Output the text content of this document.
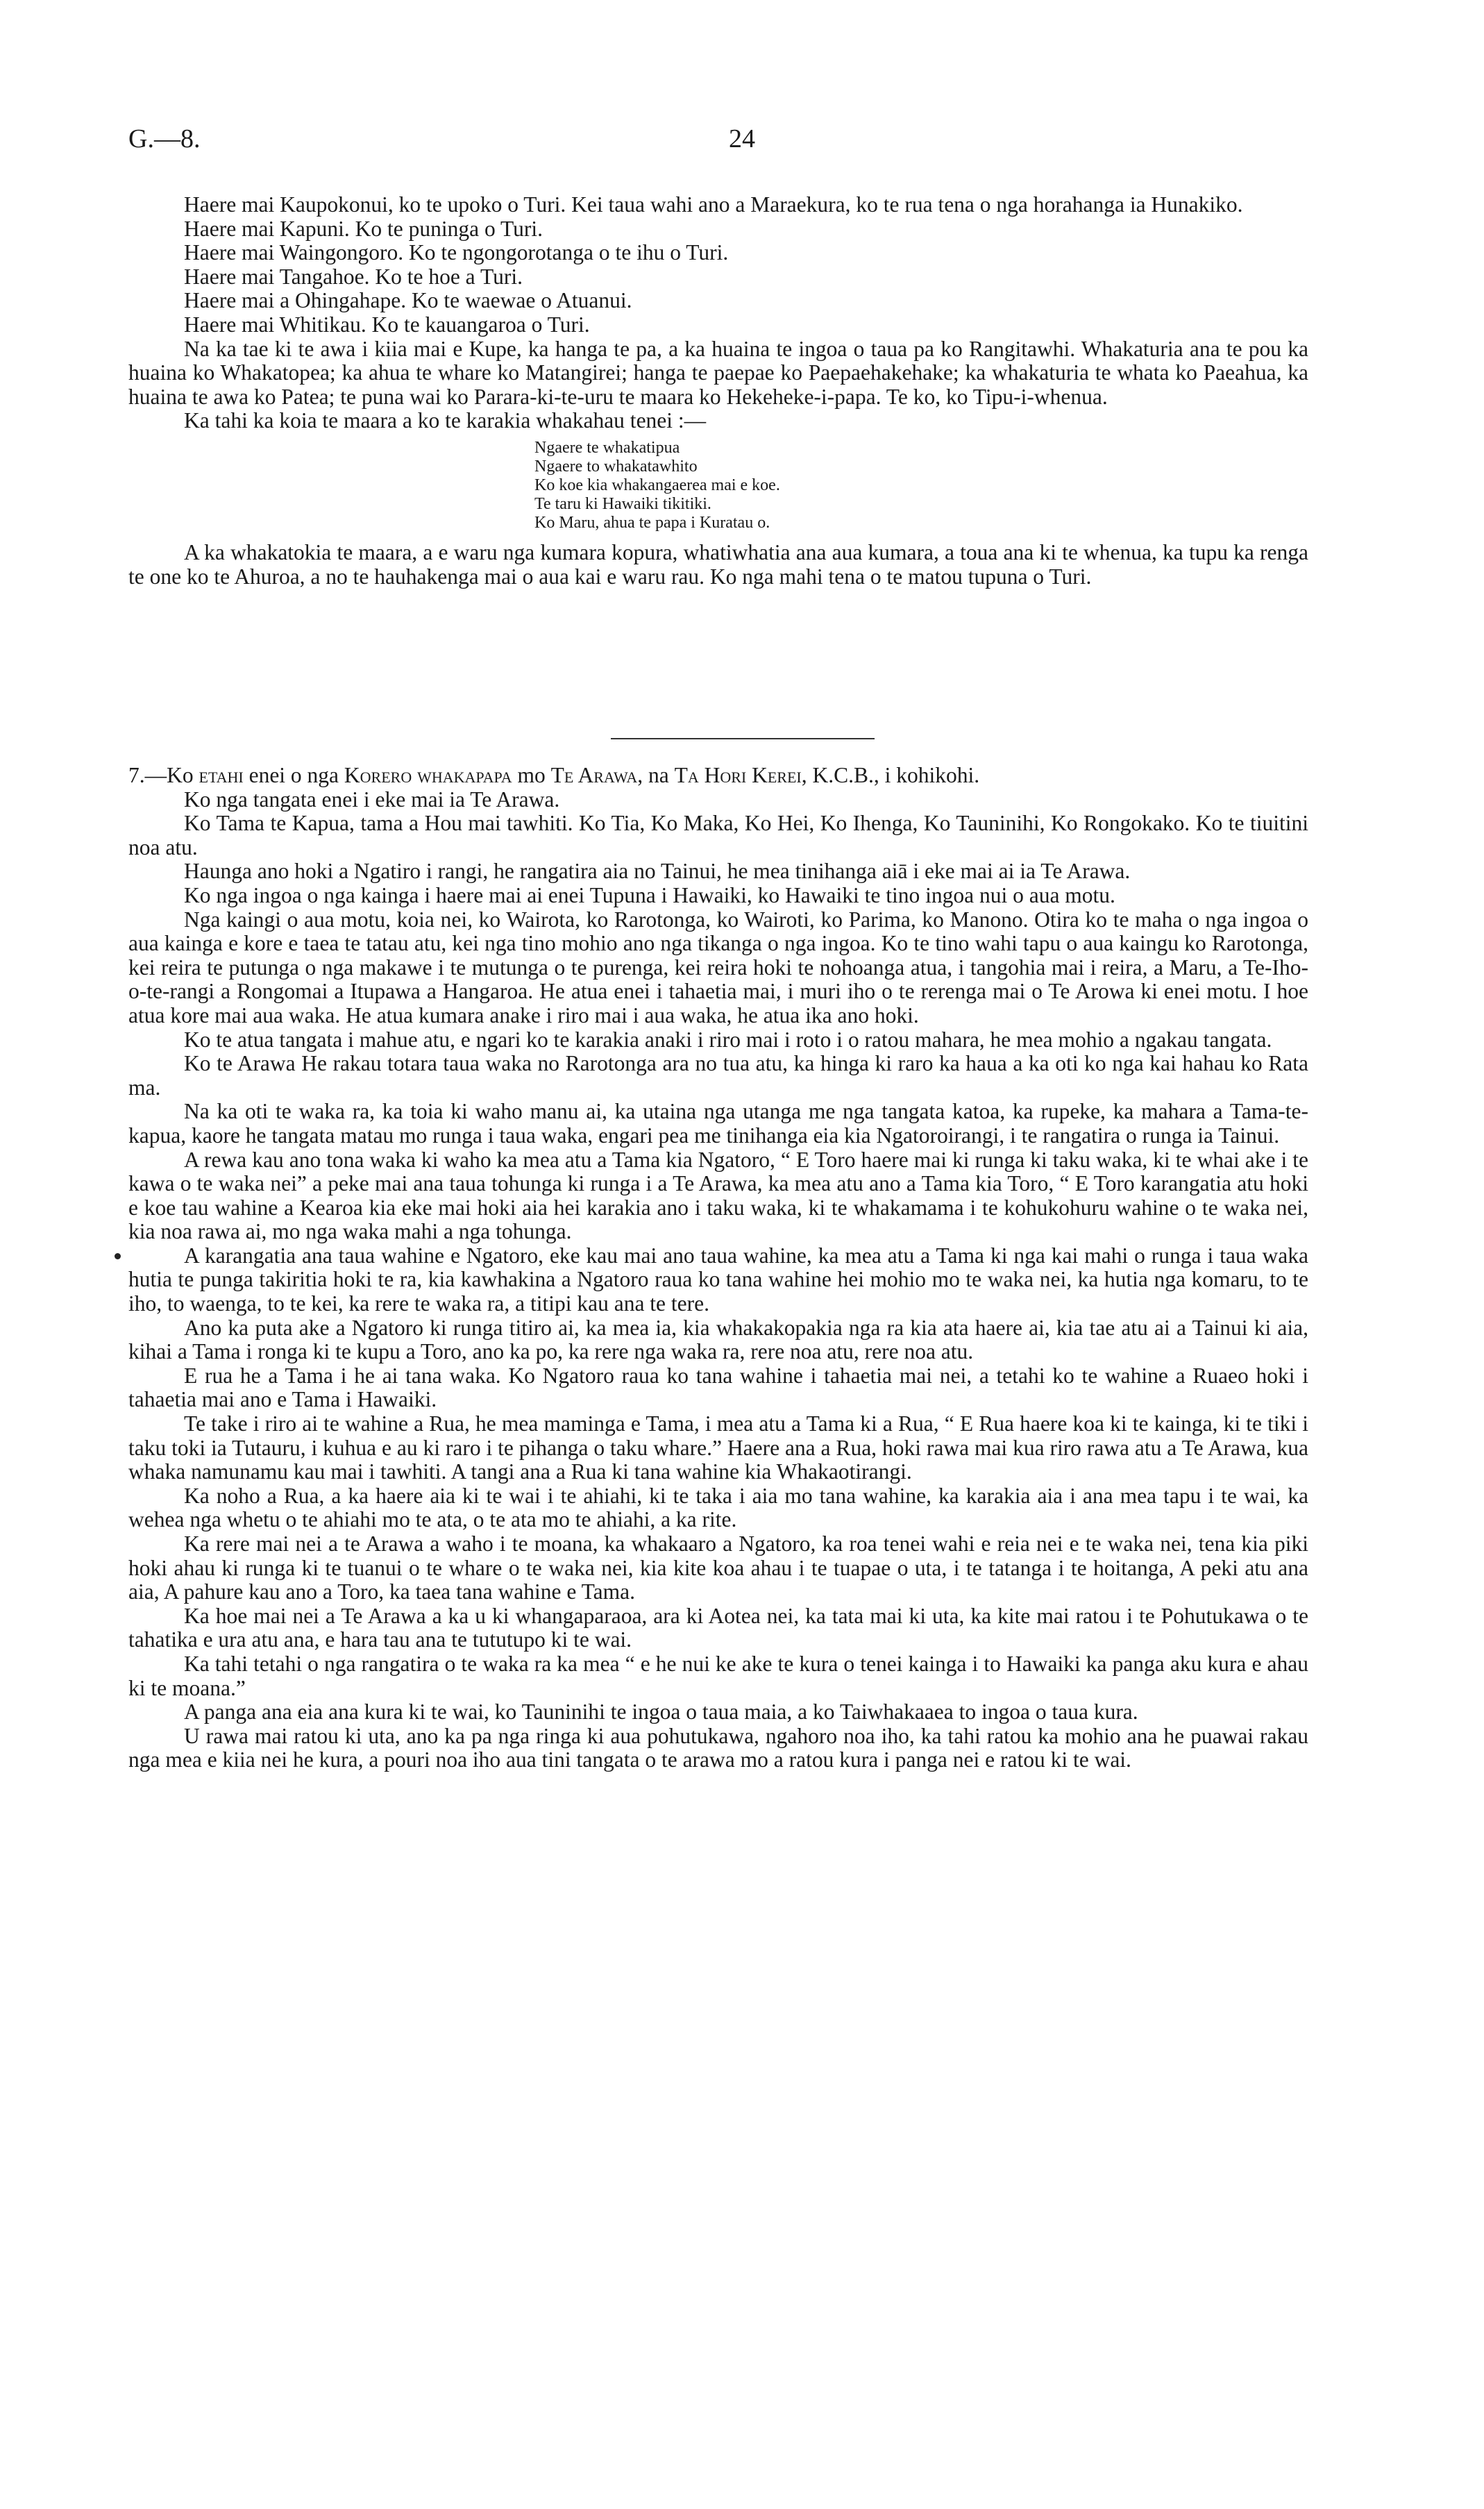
G.—8.	24

Haere mai Kaupokonui, ko te upoko o Turi. Kei taua wahi ano a Maraekura, ko te rua tena o nga horahanga ia Hunakiko.

Haere mai Kapuni. Ko te puninga o Turi.

Haere mai Waingongoro. Ko te ngongorotanga o te ihu o Turi.

Haere mai Tangahoe. Ko te hoe a Turi.

Haere mai a Ohingahape. Ko te waewae o Atuanui.

Haere mai Whitikau. Ko te kauangaroa o Turi.

Na ka tae ki te awa i kiia mai e Kupe, ka hanga te pa, a ka huaina te ingoa o taua pa ko Rangitawhi. Whakaturia ana te pou ka huaina ko Whakatopea; ka ahua te whare ko Matangirei; hanga te paepae ko Paepaehakehake; ka whakaturia te whata ko Paeahua, ka huaina te awa ko Patea; te puna wai ko Parara-ki-te-uru te maara ko Hekeheke-i-papa. Te ko, ko Tipu-i-whenua.

Ka tahi ka koia te maara a ko te karakia whakahau tenei :—

Ngaere te whakatipua
Ngaere to whakatawhito
Ko koe kia whakangaerea mai e koe.
Te taru ki Hawaiki tikitiki.
Ko Maru, ahua te papa i Kuratau o.

A ka whakatokia te maara, a e waru nga kumara kopura, whatiwhatia ana aua kumara, a toua ana ki te whenua, ka tupu ka renga te one ko te Ahuroa, a no te hauhakenga mai o aua kai e waru rau. Ko nga mahi tena o te matou tupuna o Turi.

7.—Ko etahi enei o nga Korero whakapapa mo Te Arawa, na Ta Hori Kerei, K.C.B., i kohikohi.

Ko nga tangata enei i eke mai ia Te Arawa.

Ko Tama te Kapua, tama a Hou mai tawhiti. Ko Tia, Ko Maka, Ko Hei, Ko Ihenga, Ko Tauninihi, Ko Rongokako. Ko te tiuitini noa atu.

Haunga ano hoki a Ngatiro i rangi, he rangatira aia no Tainui, he mea tinihanga aiā i eke mai ai ia Te Arawa.

Ko nga ingoa o nga kainga i haere mai ai enei Tupuna i Hawaiki, ko Hawaiki te tino ingoa nui o aua motu.

Nga kaingi o aua motu, koia nei, ko Wairota, ko Rarotonga, ko Wairoti, ko Parima, ko Manono. Otira ko te maha o nga ingoa o aua kainga e kore e taea te tatau atu, kei nga tino mohio ano nga tikanga o nga ingoa. Ko te tino wahi tapu o aua kaingu ko Rarotonga, kei reira te putunga o nga makawe i te mutunga o te purenga, kei reira hoki te nohoanga atua, i tangohia mai i reira, a Maru, a Te-Iho-o-te-rangi a Rongomai a Itupawa a Hangaroa. He atua enei i tahaetia mai, i muri iho o te rerenga mai o Te Arowa ki enei motu. I hoe atua kore mai aua waka. He atua kumara anake i riro mai i aua waka, he atua ika ano hoki.

Ko te atua tangata i mahue atu, e ngari ko te karakia anaki i riro mai i roto i o ratou mahara, he mea mohio a ngakau tangata.

Ko te Arawa He rakau totara taua waka no Rarotonga ara no tua atu, ka hinga ki raro ka haua a ka oti ko nga kai hahau ko Rata ma.

Na ka oti te waka ra, ka toia ki waho manu ai, ka utaina nga utanga me nga tangata katoa, ka rupeke, ka mahara a Tama-te-kapua, kaore he tangata matau mo runga i taua waka, engari pea me tinihanga eia kia Ngatoroirangi, i te rangatira o runga ia Tainui.

A rewa kau ano tona waka ki waho ka mea atu a Tama kia Ngatoro, “ E Toro haere mai ki runga ki taku waka, ki te whai ake i te kawa o te waka nei” a peke mai ana taua tohunga ki runga i a Te Arawa, ka mea atu ano a Tama kia Toro, “ E Toro karangatia atu hoki e koe tau wahine a Kearoa kia eke mai hoki aia hei karakia ano i taku waka, ki te whakamama i te kohukohuru wahine o te waka nei, kia noa rawa ai, mo nga waka mahi a nga tohunga.

A karangatia ana taua wahine e Ngatoro, eke kau mai ano taua wahine, ka mea atu a Tama ki nga kai mahi o runga i taua waka hutia te punga takiritia hoki te ra, kia kawhakina a Ngatoro raua ko tana wahine hei mohio mo te waka nei, ka hutia nga komaru, to te iho, to waenga, to te kei, ka rere te waka ra, a titipi kau ana te tere.

Ano ka puta ake a Ngatoro ki runga titiro ai, ka mea ia, kia whakakopakia nga ra kia ata haere ai, kia tae atu ai a Tainui ki aia, kihai a Tama i ronga ki te kupu a Toro, ano ka po, ka rere nga waka ra, rere noa atu, rere noa atu.

E rua he a Tama i he ai tana waka. Ko Ngatoro raua ko tana wahine i tahaetia mai nei, a tetahi ko te wahine a Ruaeo hoki i tahaetia mai ano e Tama i Hawaiki.

Te take i riro ai te wahine a Rua, he mea maminga e Tama, i mea atu a Tama ki a Rua, “ E Rua haere koa ki te kainga, ki te tiki i taku toki ia Tutauru, i kuhua e au ki raro i te pihanga o taku whare.” Haere ana a Rua, hoki rawa mai kua riro rawa atu a Te Arawa, kua whaka namunamu kau mai i tawhiti. A tangi ana a Rua ki tana wahine kia Whakaotirangi.

Ka noho a Rua, a ka haere aia ki te wai i te ahiahi, ki te taka i aia mo tana wahine, ka karakia aia i ana mea tapu i te wai, ka wehea nga whetu o te ahiahi mo te ata, o te ata mo te ahiahi, a ka rite.

Ka rere mai nei a te Arawa a waho i te moana, ka whakaaro a Ngatoro, ka roa tenei wahi e reia nei e te waka nei, tena kia piki hoki ahau ki runga ki te tuanui o te whare o te waka nei, kia kite koa ahau i te tuapae o uta, i te tatanga i te hoitanga, A peki atu ana aia, A pahure kau ano a Toro, ka taea tana wahine e Tama.

Ka hoe mai nei a Te Arawa a ka u ki whangaparaoa, ara ki Aotea nei, ka tata mai ki uta, ka kite mai ratou i te Pohutukawa o te tahatika e ura atu ana, e hara tau ana te tututupo ki te wai.

Ka tahi tetahi o nga rangatira o te waka ra ka mea “ e he nui ke ake te kura o tenei kainga i to Hawaiki ka panga aku kura e ahau ki te moana.”

A panga ana eia ana kura ki te wai, ko Tauninihi te ingoa o taua maia, a ko Taiwhakaaea to ingoa o taua kura.

U rawa mai ratou ki uta, ano ka pa nga ringa ki aua pohutukawa, ngahoro noa iho, ka tahi ratou ka mohio ana he puawai rakau nga mea e kiia nei he kura, a pouri noa iho aua tini tangata o te arawa mo a ratou kura i panga nei e ratou ki te wai.
